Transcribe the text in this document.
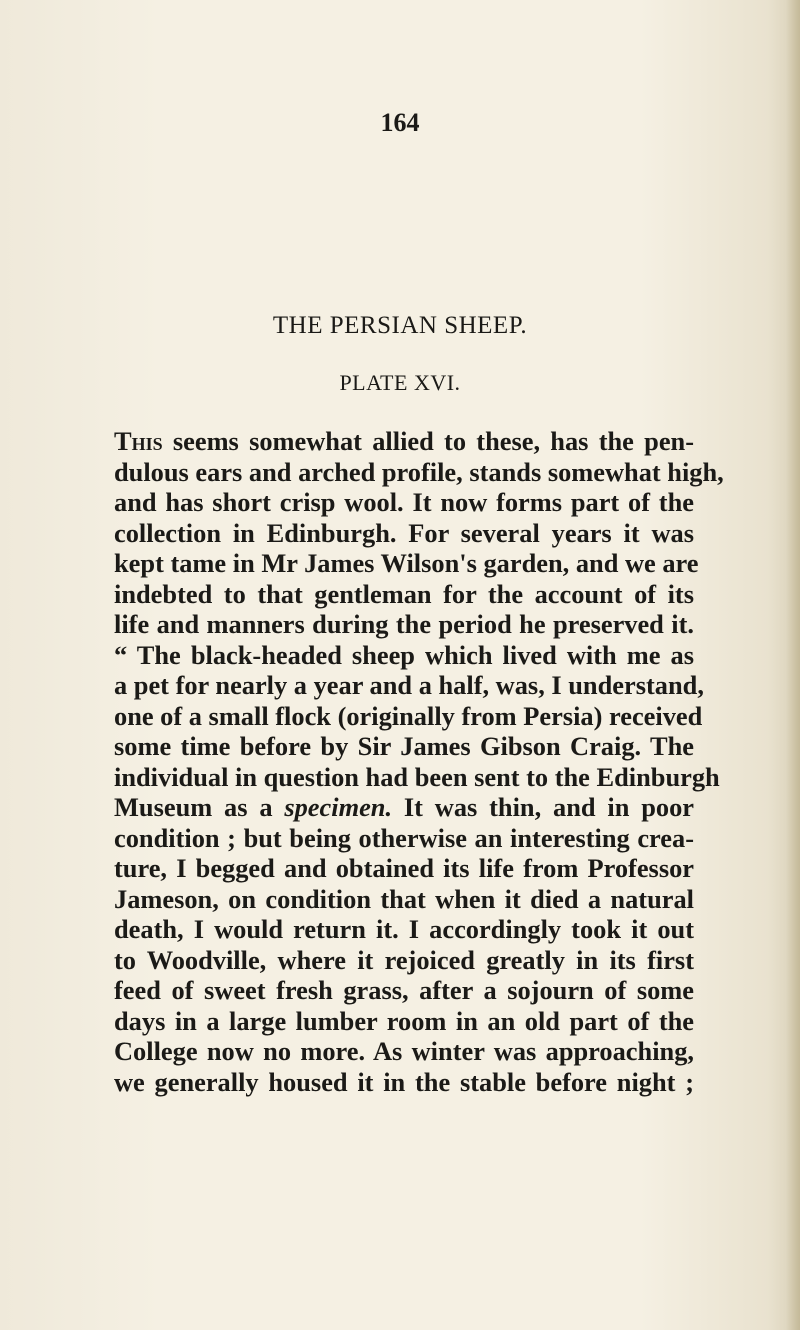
164
THE PERSIAN SHEEP.
PLATE XVI.
This seems somewhat allied to these, has the pen-
dulous ears and arched profile, stands somewhat high,
and has short crisp wool. It now forms part of the
collection in Edinburgh. For several years it was
kept tame in Mr James Wilson's garden, and we are
indebted to that gentleman for the account of its
life and manners during the period he preserved it.
“ The black-headed sheep which lived with me as
a pet for nearly a year and a half, was, I understand,
one of a small flock (originally from Persia) received
some time before by Sir James Gibson Craig. The
individual in question had been sent to the Edinburgh
Museum as a specimen. It was thin, and in poor
condition ; but being otherwise an interesting crea-
ture, I begged and obtained its life from Professor
Jameson, on condition that when it died a natural
death, I would return it. I accordingly took it out
to Woodville, where it rejoiced greatly in its first
feed of sweet fresh grass, after a sojourn of some
days in a large lumber room in an old part of the
College now no more. As winter was approaching,
we generally housed it in the stable before night ;
